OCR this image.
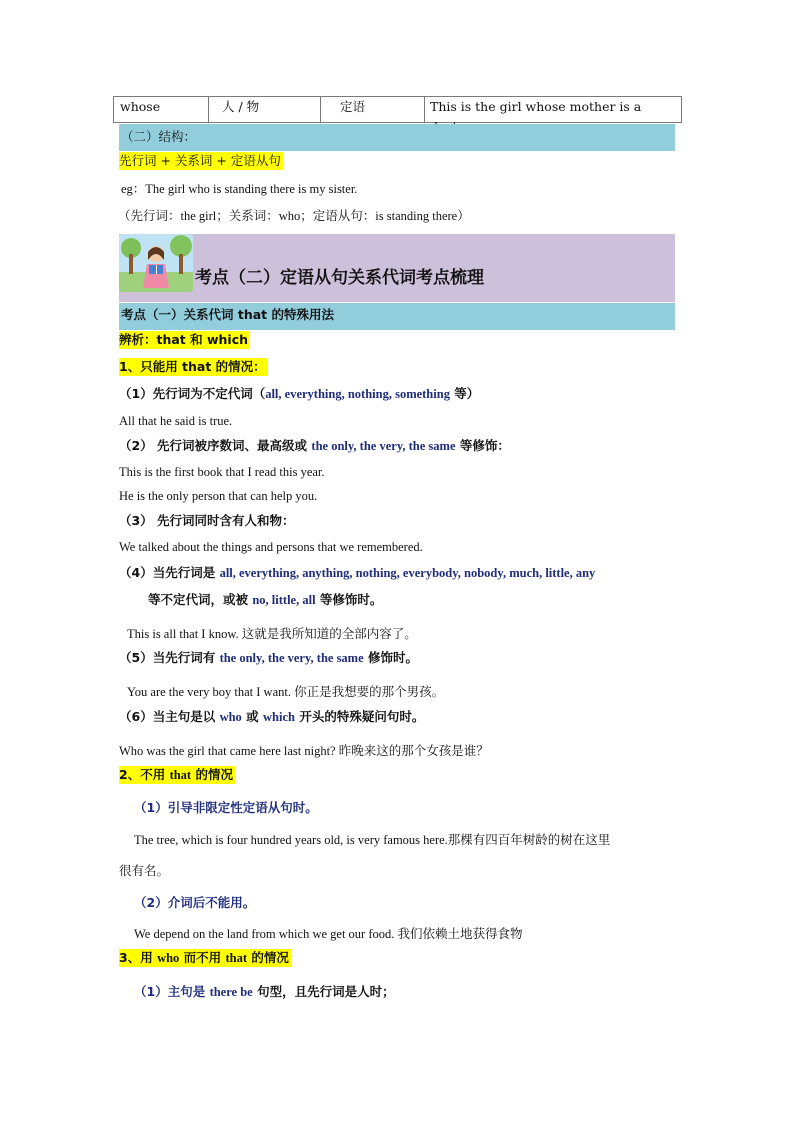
whose	人 / 物	定语	This is the girl whose mother is a
（二）结构：
先行词 + 关系词 + 定语从句
eg：The girl who is standing there is my sister.
（先行词：the girl；关系词：who；定语从句：is standing there）
考点（二）定语从句关系代词考点梳理
考点（一）关系代词 that 的特殊用法
辨析：that 和 which
1、只能用 that 的情况：
（1）先行词为不定代词（all, everything, nothing, something 等）
All that he said is true.
（2） 先行词被序数词、最高级或 the only, the very, the same 等修饰：
This is the first book that I read this year.
He is the only person that can help you.
（3） 先行词同时含有人和物：
We talked about the things and persons that we remembered.
（4）当先行词是 all, everything, anything, nothing, everybody, nobody, much, little, any
等不定代词，或被 no, little, all 等修饰时。
This is all that I know. 这就是我所知道的全部内容了。
（5）当先行词有 the only, the very, the same 修饰时。
You are the very boy that I want. 你正是我想要的那个男孩。
（6）当主句是以 who 或 which 开头的特殊疑问句时。
Who was the girl that came here last night? 昨晚来这的那个女孩是谁？
2、不用 that 的情况
（1）引导非限定性定语从句时。
The tree, which is four hundred years old, is very famous here.那棵有四百年树龄的树在这里
很有名。
（2）介词后不能用。
We depend on the land from which we get our food. 我们依赖土地获得食物
3、用 who 而不用 that 的情况
（1）主句是 there be 句型，且先行词是人时；
